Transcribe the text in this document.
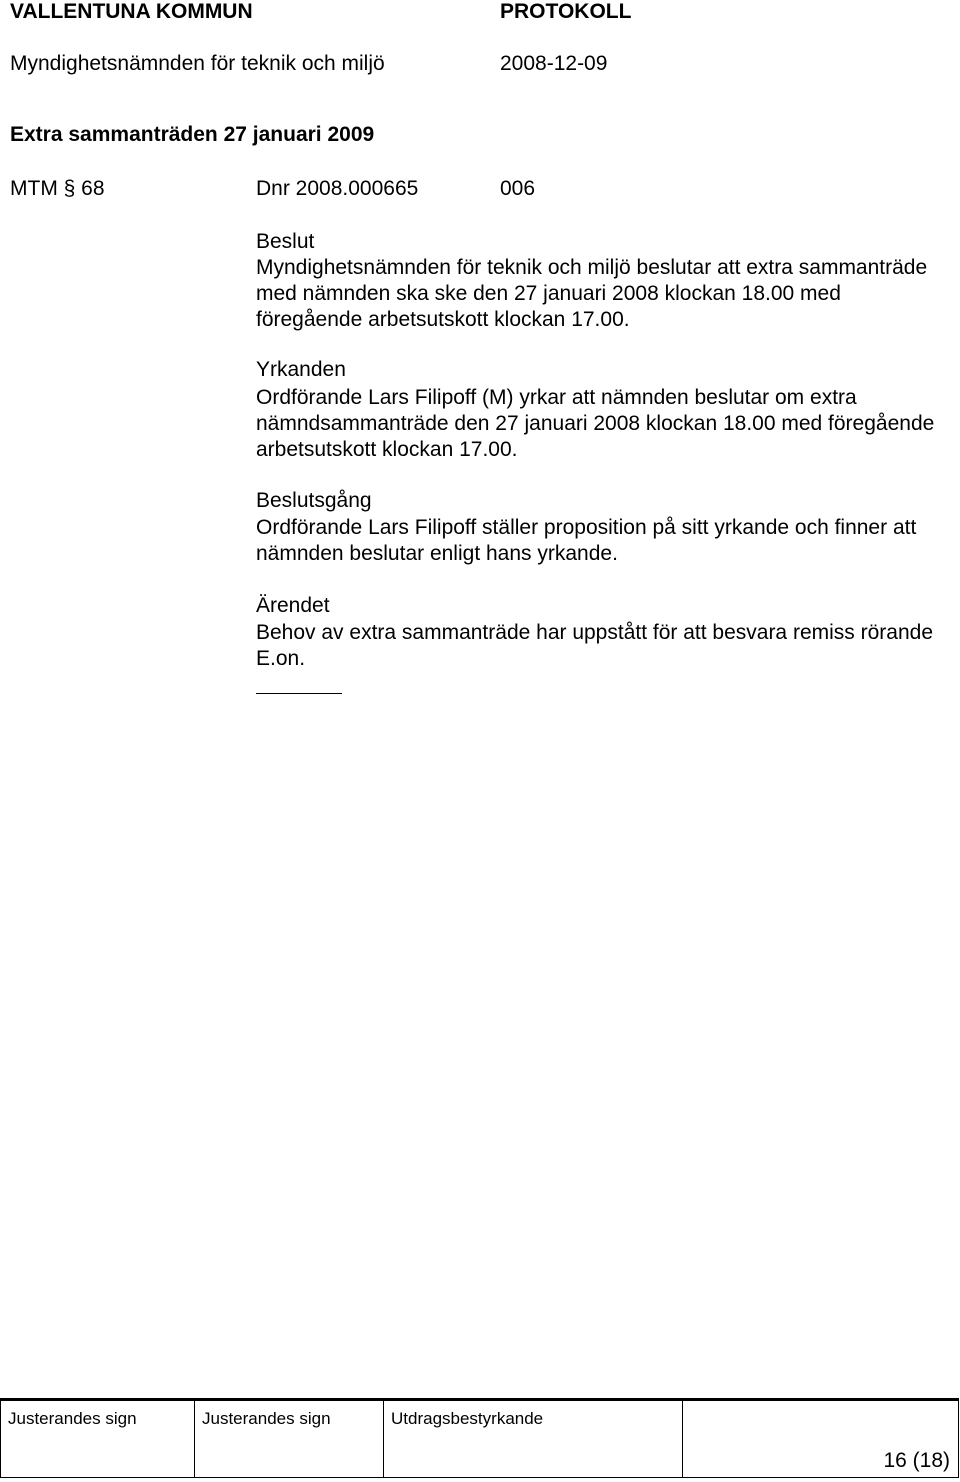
VALLENTUNA KOMMUN	PROTOKOLL
Myndighetsnämnden för teknik och miljö	2008-12-09
Extra sammanträden 27 januari 2009
MTM § 68	Dnr 2008.000665	006
Beslut
Myndighetsnämnden för teknik och miljö beslutar att extra sammanträde med nämnden ska ske den 27 januari 2008 klockan 18.00 med föregående arbetsutskott klockan 17.00.
Yrkanden
Ordförande Lars Filipoff (M) yrkar att nämnden beslutar om extra nämndsammanträde den 27 januari 2008 klockan 18.00 med föregående arbetsutskott klockan 17.00.
Beslutsgång
Ordförande Lars Filipoff ställer proposition på sitt yrkande och finner att nämnden beslutar enligt hans yrkande.
Ärendet
Behov av extra sammanträde har uppstått för att besvara remiss rörande E.on.
Justerandes sign	Justerandes sign	Utdragsbestyrkande	
16 (18)
